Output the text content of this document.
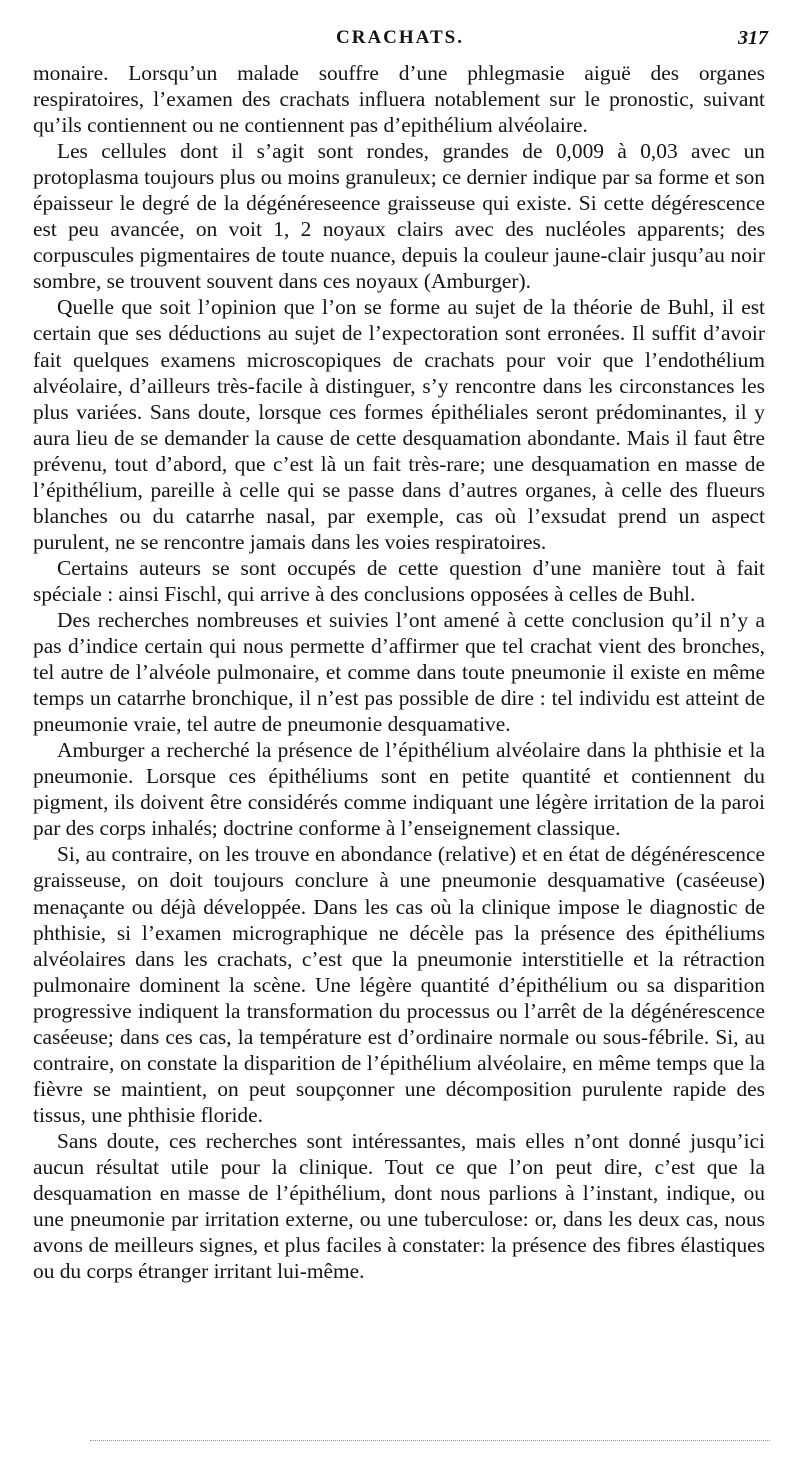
CRACHATS.	317

monaire. Lorsqu’un malade souffre d’une phlegmasie aiguë des organes respiratoires, l’examen des crachats influera notablement sur le pronostic, suivant qu’ils contiennent ou ne contiennent pas d’epithélium alvéolaire.

Les cellules dont il s’agit sont rondes, grandes de 0,009 à 0,03 avec un protoplasma toujours plus ou moins granuleux; ce dernier indique par sa forme et son épaisseur le degré de la dégénéreseence graisseuse qui existe. Si cette dégérescence est peu avancée, on voit 1, 2 noyaux clairs avec des nucléoles apparents; des corpuscules pigmentaires de toute nuance, depuis la couleur jaune-clair jusqu’au noir sombre, se trouvent souvent dans ces noyaux (Amburger).

Quelle que soit l’opinion que l’on se forme au sujet de la théorie de Buhl, il est certain que ses déductions au sujet de l’expectoration sont erronées. Il suffit d’avoir fait quelques examens microscopiques de crachats pour voir que l’endothélium alvéolaire, d’ailleurs très-facile à distinguer, s’y rencontre dans les circonstances les plus variées. Sans doute, lorsque ces formes épithéliales seront prédominantes, il y aura lieu de se demander la cause de cette desquamation abondante. Mais il faut être prévenu, tout d’abord, que c’est là un fait très-rare; une desquamation en masse de l’épithélium, pareille à celle qui se passe dans d’autres organes, à celle des flueurs blanches ou du catarrhe nasal, par exemple, cas où l’exsudat prend un aspect purulent, ne se rencontre jamais dans les voies respiratoires.

Certains auteurs se sont occupés de cette question d’une manière tout à fait spéciale : ainsi Fischl, qui arrive à des conclusions opposées à celles de Buhl.

Des recherches nombreuses et suivies l’ont amené à cette conclusion qu’il n’y a pas d’indice certain qui nous permette d’affirmer que tel crachat vient des bronches, tel autre de l’alvéole pulmonaire, et comme dans toute pneumonie il existe en même temps un catarrhe bronchique, il n’est pas possible de dire : tel individu est atteint de pneumonie vraie, tel autre de pneumonie desquamative.

Amburger a recherché la présence de l’épithélium alvéolaire dans la phthisie et la pneumonie. Lorsque ces épithéliums sont en petite quantité et contiennent du pigment, ils doivent être considérés comme indiquant une légère irritation de la paroi par des corps inhalés; doctrine conforme à l’enseignement classique.

Si, au contraire, on les trouve en abondance (relative) et en état de dégénérescence graisseuse, on doit toujours conclure à une pneumonie desquamative (caséeuse) menaçante ou déjà développée. Dans les cas où la clinique impose le diagnostic de phthisie, si l’examen micrographique ne décèle pas la présence des épithéliums alvéolaires dans les crachats, c’est que la pneumonie interstitielle et la rétraction pulmonaire dominent la scène. Une légère quantité d’épithélium ou sa disparition progressive indiquent la transformation du processus ou l’arrêt de la dégénérescence caséeuse; dans ces cas, la température est d’ordinaire normale ou sous-fébrile. Si, au contraire, on constate la disparition de l’épithélium alvéolaire, en même temps que la fièvre se maintient, on peut soupçonner une décomposition purulente rapide des tissus, une phthisie floride.

Sans doute, ces recherches sont intéressantes, mais elles n’ont donné jusqu’ici aucun résultat utile pour la clinique. Tout ce que l’on peut dire, c’est que la desquamation en masse de l’épithélium, dont nous parlions à l’instant, indique, ou une pneumonie par irritation externe, ou une tuberculose: or, dans les deux cas, nous avons de meilleurs signes, et plus faciles à constater: la présence des fibres élastiques ou du corps étranger irritant lui-même.
